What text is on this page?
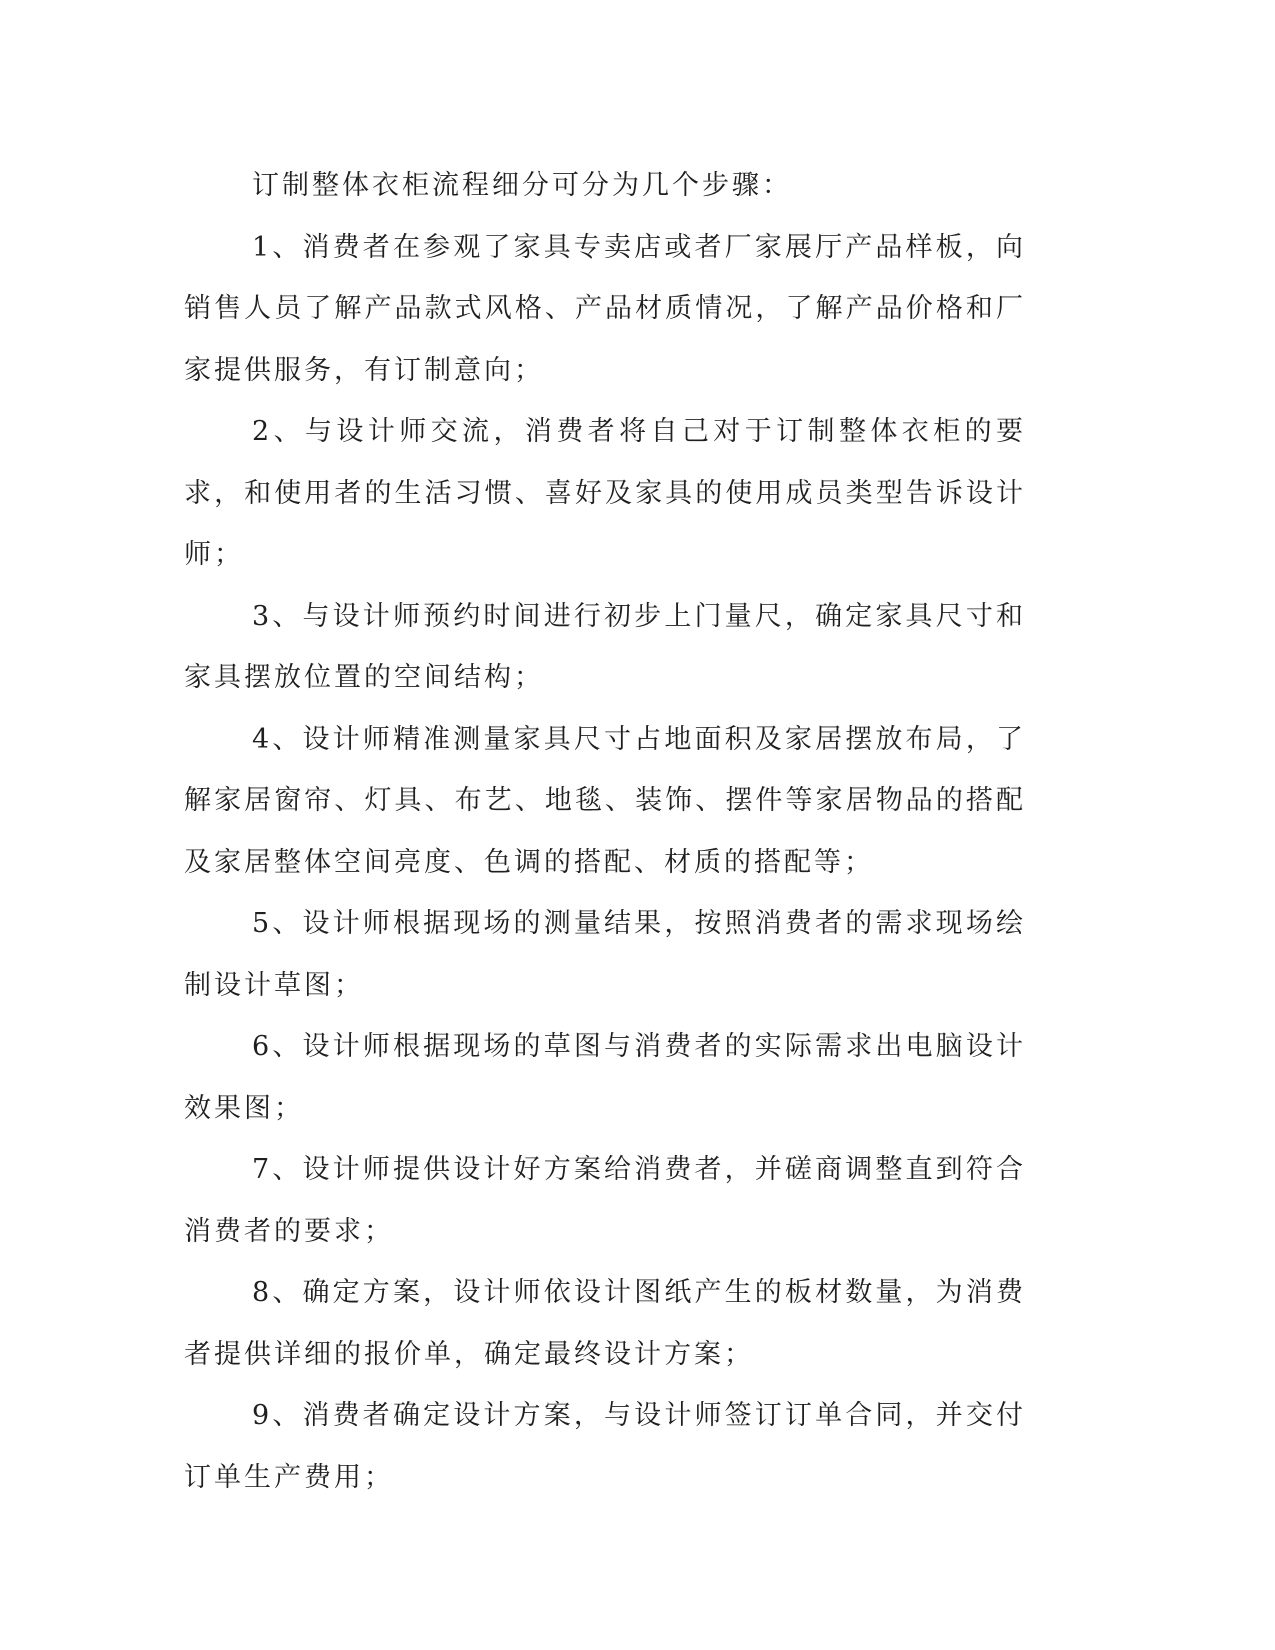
订制整体衣柜流程细分可分为几个步骤：

1、消费者在参观了家具专卖店或者厂家展厅产品样板，向销售人员了解产品款式风格、产品材质情况，了解产品价格和厂家提供服务，有订制意向；

2、与设计师交流，消费者将自己对于订制整体衣柜的要求，和使用者的生活习惯、喜好及家具的使用成员类型告诉设计师；

3、与设计师预约时间进行初步上门量尺，确定家具尺寸和家具摆放位置的空间结构；

4、设计师精准测量家具尺寸占地面积及家居摆放布局，了解家居窗帘、灯具、布艺、地毯、装饰、摆件等家居物品的搭配及家居整体空间亮度、色调的搭配、材质的搭配等；

5、设计师根据现场的测量结果，按照消费者的需求现场绘制设计草图；

6、设计师根据现场的草图与消费者的实际需求出电脑设计效果图；

7、设计师提供设计好方案给消费者，并磋商调整直到符合消费者的要求；

8、确定方案，设计师依设计图纸产生的板材数量，为消费者提供详细的报价单，确定最终设计方案；

9、消费者确定设计方案，与设计师签订订单合同，并交付订单生产费用；
